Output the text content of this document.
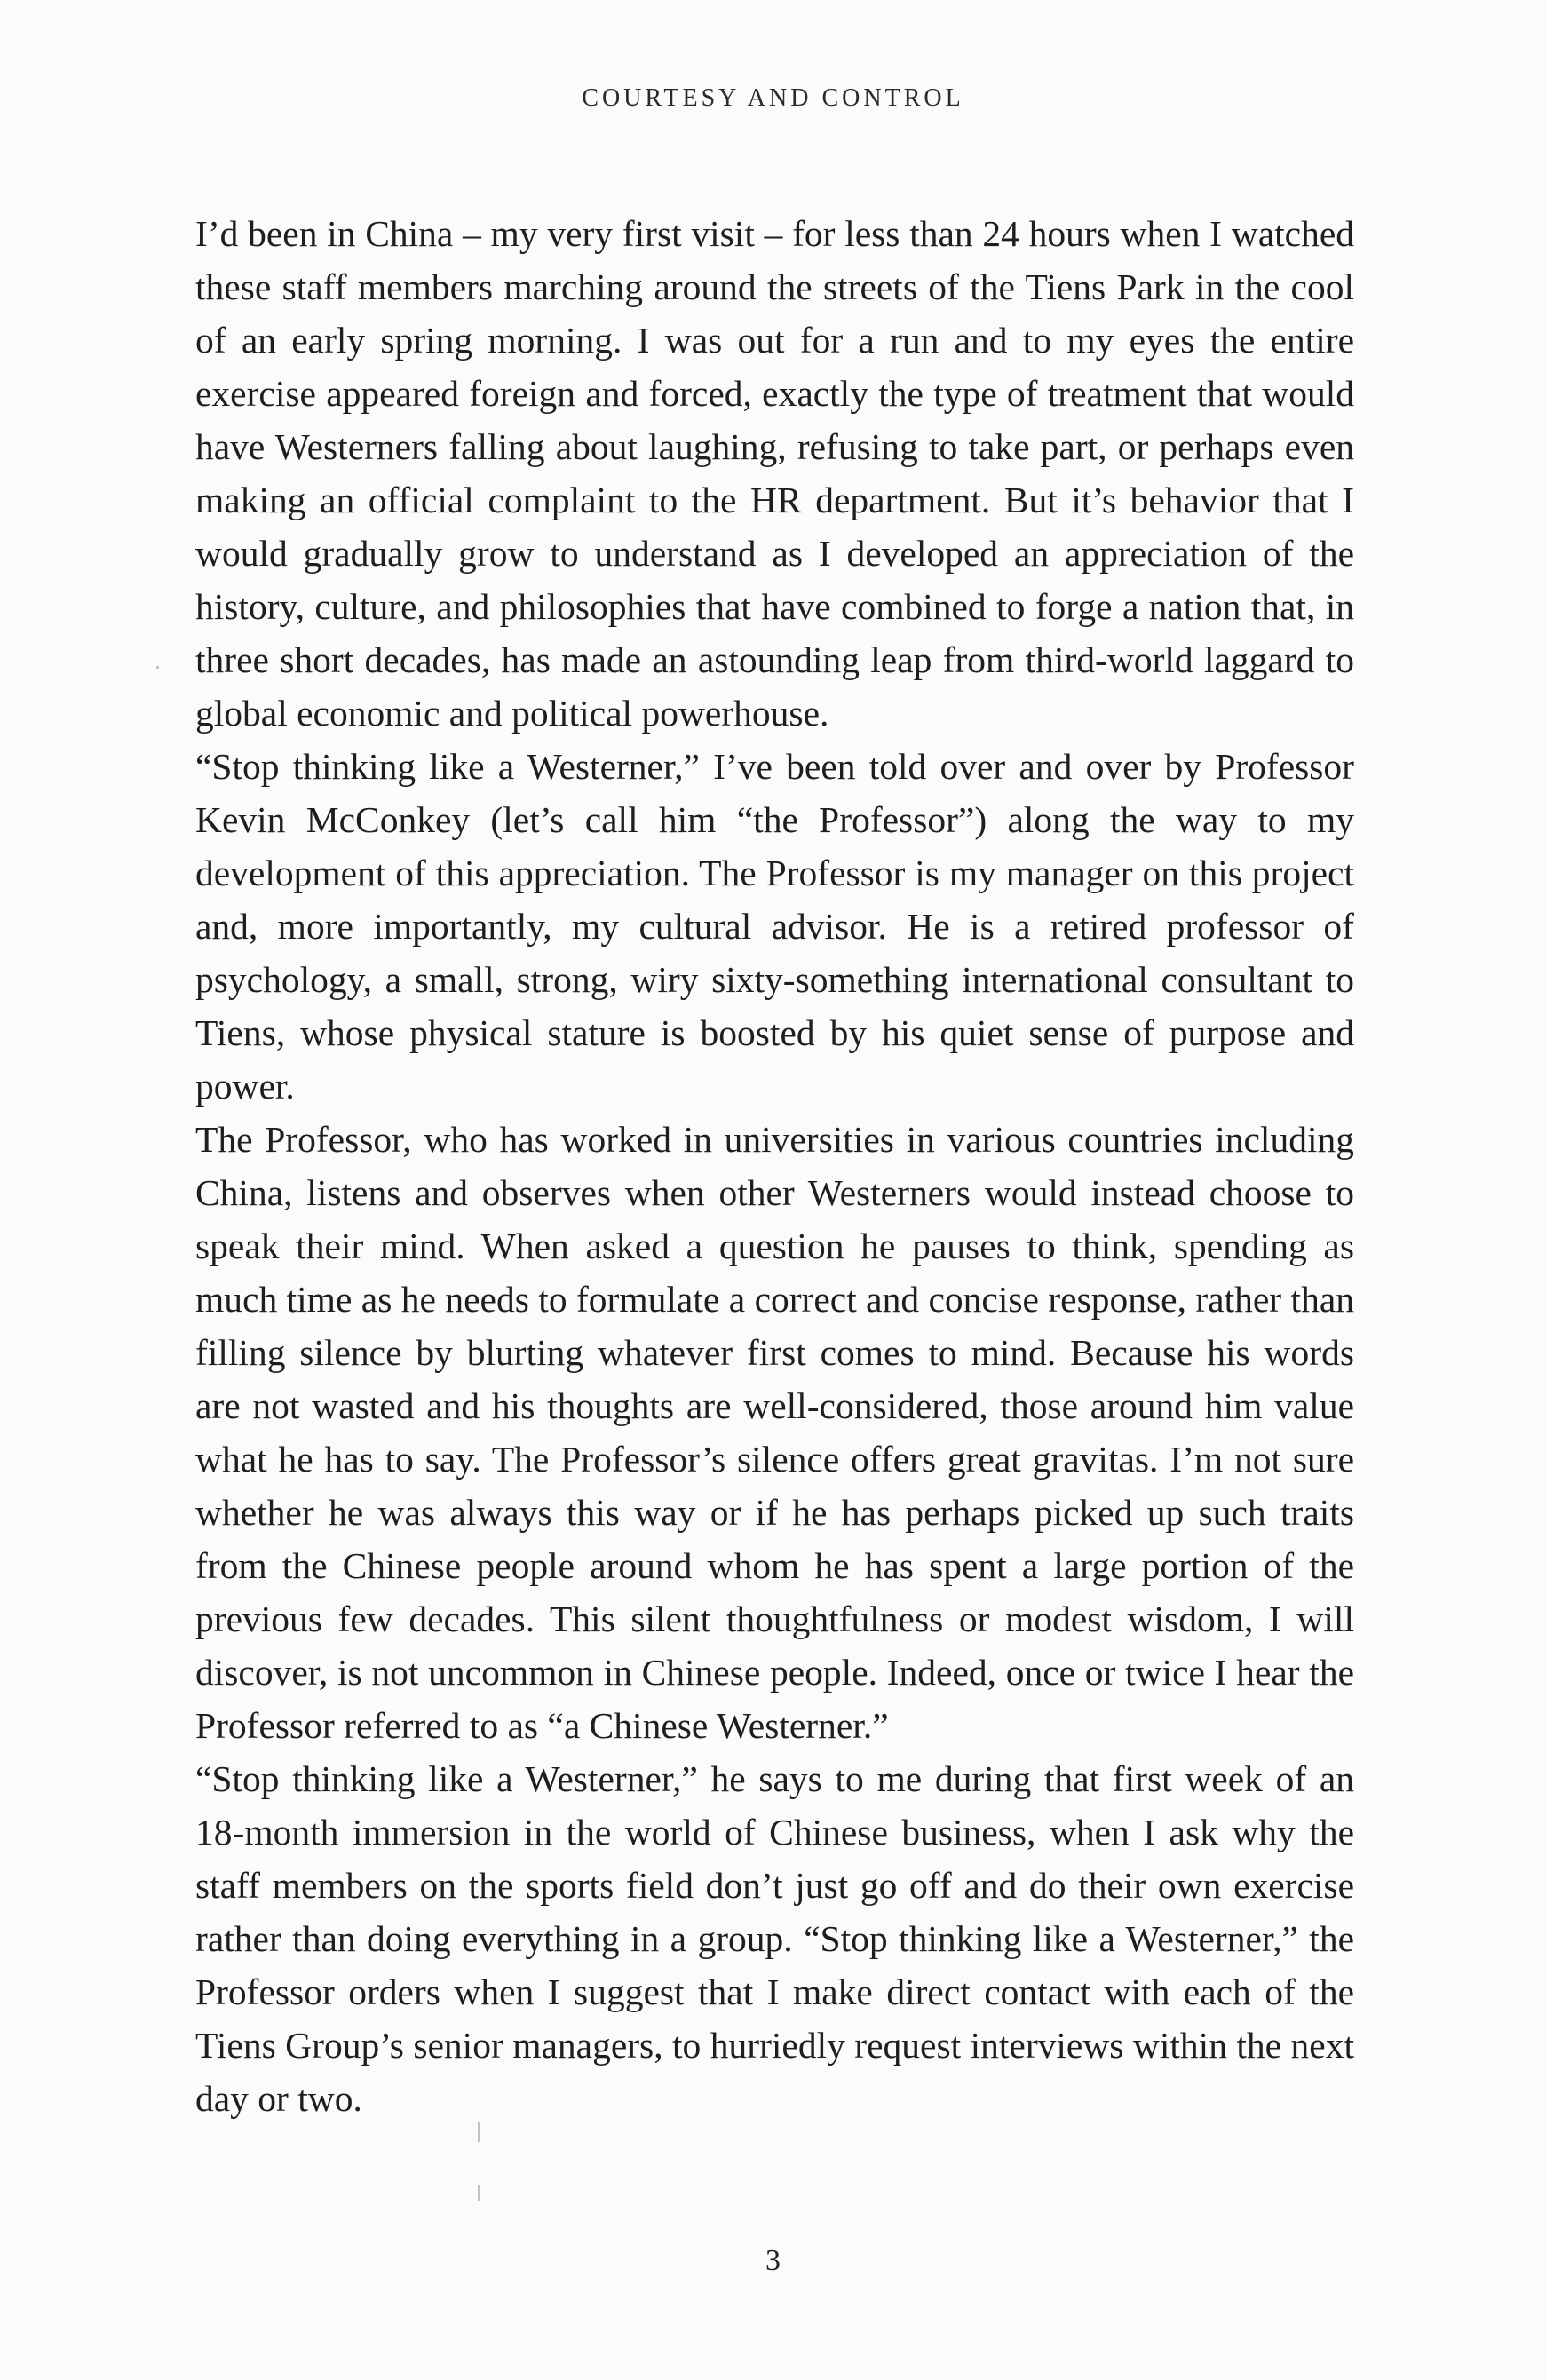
COURTESY AND CONTROL

I’d been in China – my very first visit – for less than 24 hours when I watched these staff members marching around the streets of the Tiens Park in the cool of an early spring morning. I was out for a run and to my eyes the entire exercise appeared foreign and forced, exactly the type of treatment that would have Westerners falling about laughing, refusing to take part, or perhaps even making an official complaint to the HR department. But it’s behavior that I would gradually grow to understand as I developed an appreciation of the history, culture, and philosophies that have combined to forge a nation that, in three short decades, has made an astounding leap from third-world laggard to global economic and political powerhouse.

“Stop thinking like a Westerner,” I’ve been told over and over by Professor Kevin McConkey (let’s call him “the Professor”) along the way to my development of this appreciation. The Professor is my manager on this project and, more importantly, my cultural advisor. He is a retired professor of psychology, a small, strong, wiry sixty-something international consultant to Tiens, whose physical stature is boosted by his quiet sense of purpose and power.

The Professor, who has worked in universities in various countries including China, listens and observes when other Westerners would instead choose to speak their mind. When asked a question he pauses to think, spending as much time as he needs to formulate a correct and concise response, rather than filling silence by blurting whatever first comes to mind. Because his words are not wasted and his thoughts are well-considered, those around him value what he has to say. The Professor’s silence offers great gravitas. I’m not sure whether he was always this way or if he has perhaps picked up such traits from the Chinese people around whom he has spent a large portion of the previous few decades. This silent thoughtfulness or modest wisdom, I will discover, is not uncommon in Chinese people. Indeed, once or twice I hear the Professor referred to as “a Chinese Westerner.”

“Stop thinking like a Westerner,” he says to me during that first week of an 18-month immersion in the world of Chinese business, when I ask why the staff members on the sports field don’t just go off and do their own exercise rather than doing everything in a group. “Stop thinking like a Westerner,” the Professor orders when I suggest that I make direct contact with each of the Tiens Group’s senior managers, to hurriedly request interviews within the next day or two.

3
